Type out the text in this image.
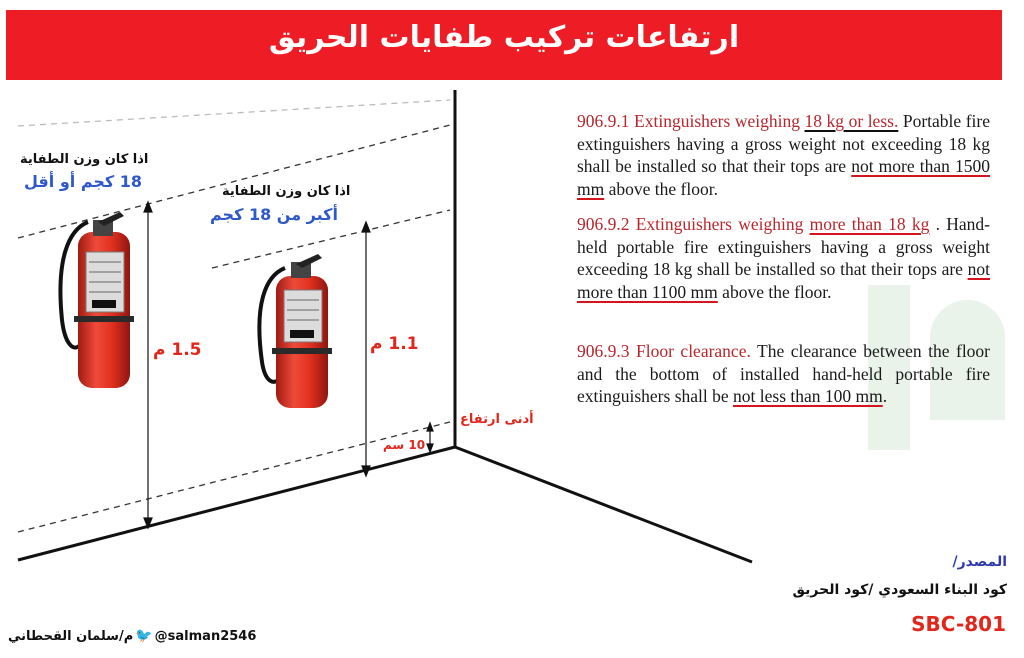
ارتفاعات تركيب طفايات الحريق
اذا كان وزن الطفاية
18 كجم أو أقل
اذا كان وزن الطفاية
أكبر من 18 كجم
1.5 م	1.1 م
أدنى ارتفاع
10 سم
906.9.1 Extinguishers weighing 18 kg or less. Portable fire extinguishers having a gross weight not exceeding 18 kg shall be installed so that their tops are not more than 1500 mm above the floor.
906.9.2 Extinguishers weighing more than 18 kg . Hand-held portable fire extinguishers having a gross weight exceeding 18 kg shall be installed so that their tops are not more than 1100 mm above the floor.
906.9.3 Floor clearance. The clearance between the floor and the bottom of installed hand-held portable fire extinguishers shall be not less than 100 mm.
المصدر/
كود البناء السعودي /كود الحريق
SBC-801
م/سلمان القحطاني 🐦 @salman2546
